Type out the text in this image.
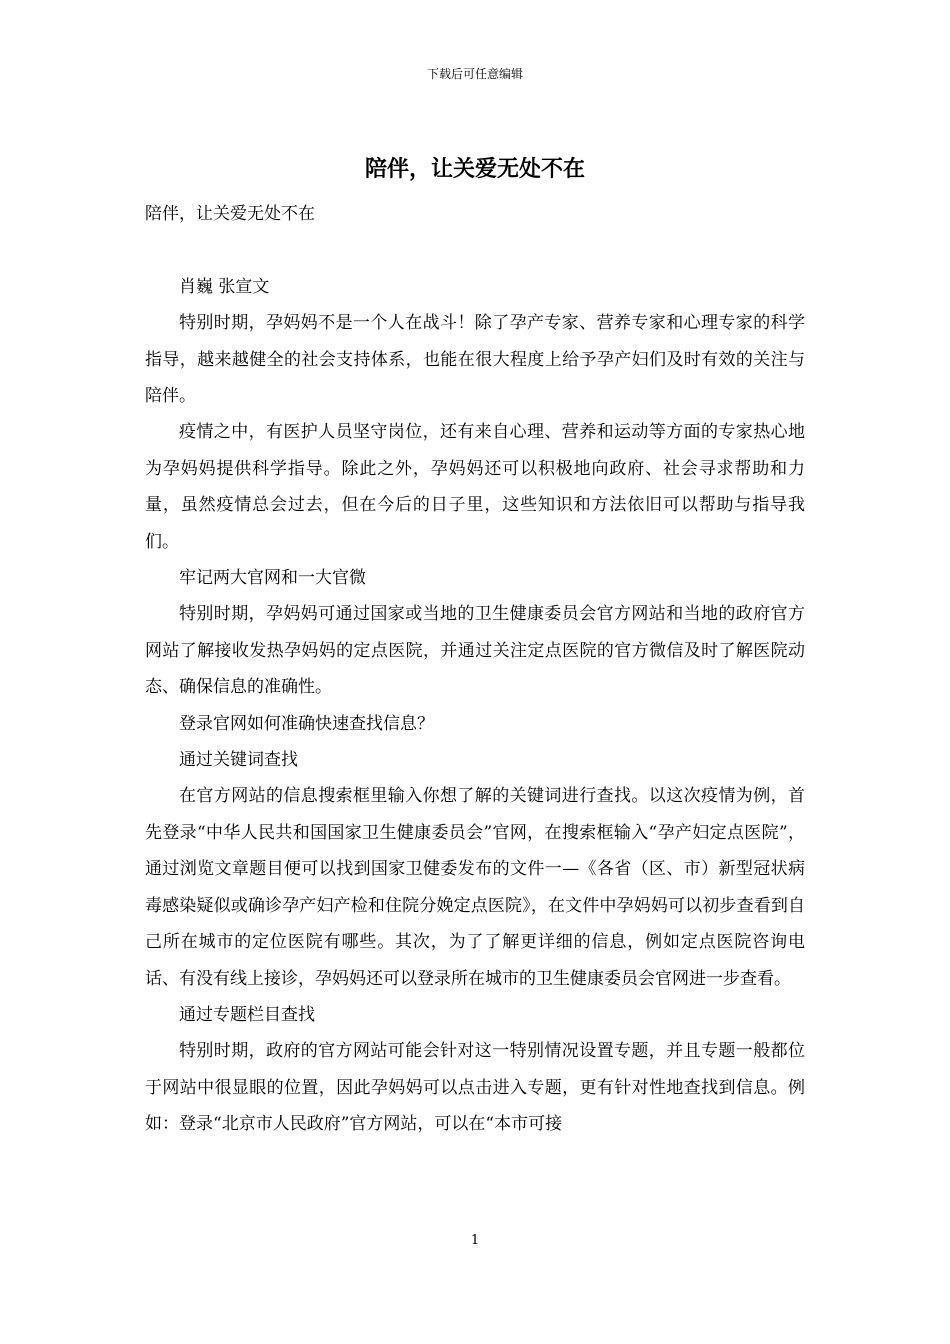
下载后可任意编辑
陪伴，让关爱无处不在

陪伴，让关爱无处不在

肖巍 张宣文

特别时期，孕妈妈不是一个人在战斗！除了孕产专家、营养专家和心理专家的科学指导，越来越健全的社会支持体系，也能在很大程度上给予孕产妇们及时有效的关注与陪伴。

疫情之中，有医护人员坚守岗位，还有来自心理、营养和运动等方面的专家热心地为孕妈妈提供科学指导。除此之外，孕妈妈还可以积极地向政府、社会寻求帮助和力量，虽然疫情总会过去，但在今后的日子里，这些知识和方法依旧可以帮助与指导我们。

牢记两大官网和一大官微

特别时期，孕妈妈可通过国家或当地的卫生健康委员会官方网站和当地的政府官方网站了解接收发热孕妈妈的定点医院，并通过关注定点医院的官方微信及时了解医院动态、确保信息的准确性。

登录官网如何准确快速查找信息？

通过关键词查找

在官方网站的信息搜索框里输入你想了解的关键词进行查找。以这次疫情为例，首先登录“中华人民共和国国家卫生健康委员会”官网，在搜索框输入“孕产妇定点医院”，通过浏览文章题目便可以找到国家卫健委发布的文件一—《各省（区、市）新型冠状病毒感染疑似或确诊孕产妇产检和住院分娩定点医院》，在文件中孕妈妈可以初步查看到自己所在城市的定位医院有哪些。其次，为了了解更详细的信息，例如定点医院咨询电话、有没有线上接诊，孕妈妈还可以登录所在城市的卫生健康委员会官网进一步查看。

通过专题栏目查找

特别时期，政府的官方网站可能会针对这一特别情况设置专题，并且专题一般都位于网站中很显眼的位置，因此孕妈妈可以点击进入专题，更有针对性地查找到信息。例如：登录“北京市人民政府”官方网站，可以在“本市可接

1
